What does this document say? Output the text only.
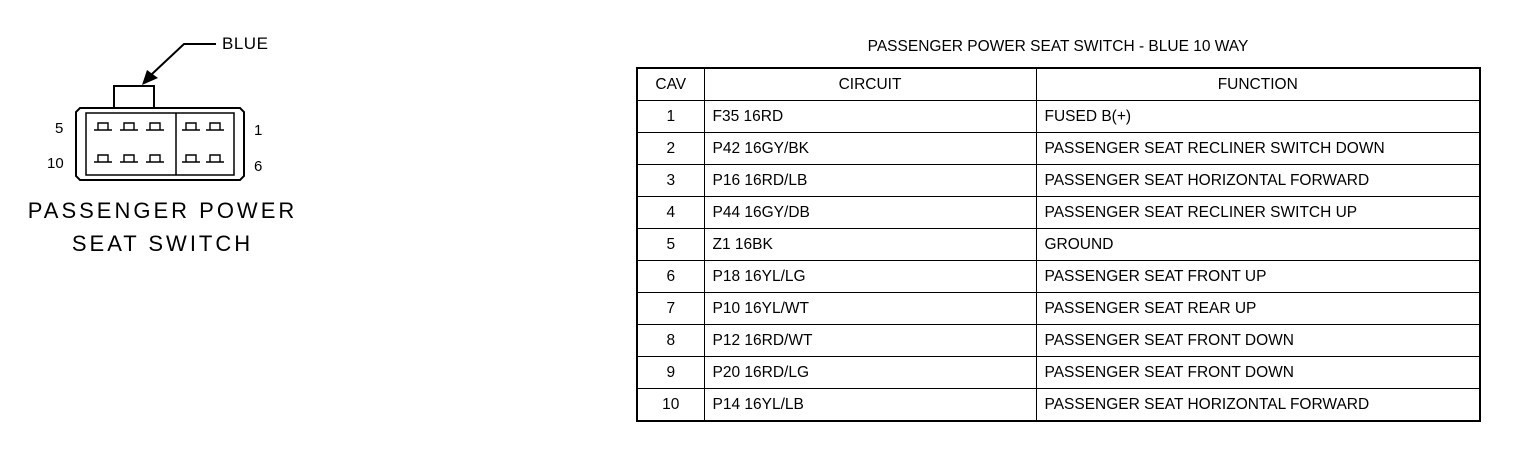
BLUE
5
10
1
6
PASSENGER POWER
SEAT SWITCH
PASSENGER POWER SEAT SWITCH - BLUE 10 WAY
CAV	CIRCUIT	FUNCTION
1	F35 16RD	FUSED B(+)
2	P42 16GY/BK	PASSENGER SEAT RECLINER SWITCH DOWN
3	P16 16RD/LB	PASSENGER SEAT HORIZONTAL FORWARD
4	P44 16GY/DB	PASSENGER SEAT RECLINER SWITCH UP
5	Z1 16BK	GROUND
6	P18 16YL/LG	PASSENGER SEAT FRONT UP
7	P10 16YL/WT	PASSENGER SEAT REAR UP
8	P12 16RD/WT	PASSENGER SEAT FRONT DOWN
9	P20 16RD/LG	PASSENGER SEAT FRONT DOWN
10	P14 16YL/LB	PASSENGER SEAT HORIZONTAL FORWARD
